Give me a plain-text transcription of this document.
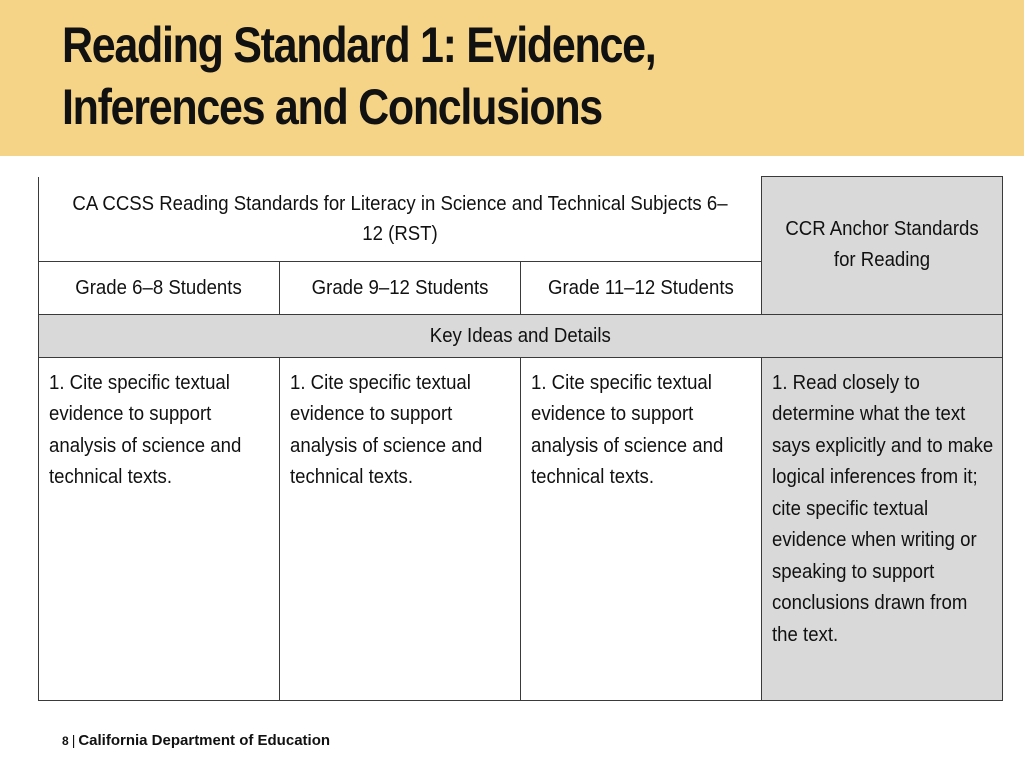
Reading Standard 1: Evidence,
Inferences and Conclusions
CA CCSS Reading Standards for Literacy in Science and Technical Subjects 6–12 (RST)			CCR Anchor Standards for Reading
Grade 6–8 Students	Grade 9–12 Students	Grade 11–12 Students	
Key Ideas and Details			

1. Cite specific textual evidence to support analysis of science and technical texts.	1. Cite specific textual evidence to support analysis of science and technical texts.	1. Cite specific textual evidence to support analysis of science and technical texts.	1. Read closely to determine what the text says explicitly and to make logical inferences from it; cite specific textual evidence when writing or speaking to support conclusions drawn from the text.
8 | California Department of Education
